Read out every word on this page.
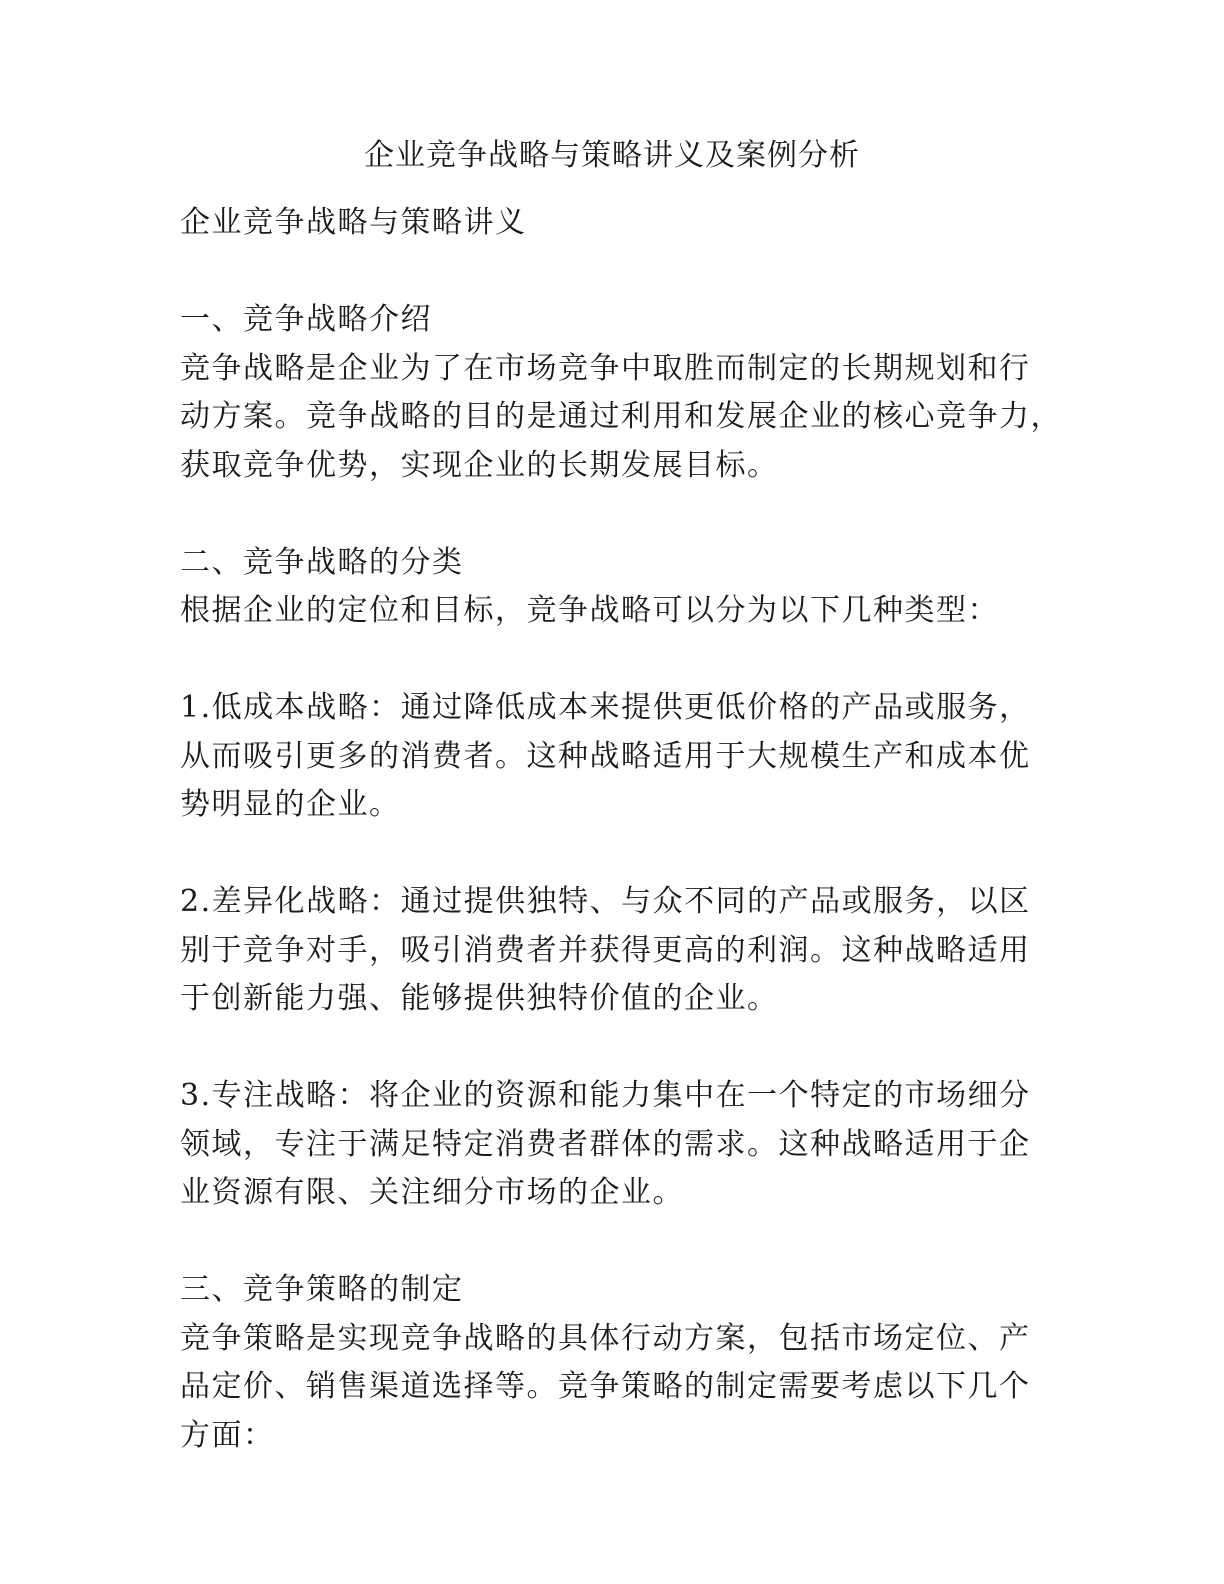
企业竞争战略与策略讲义及案例分析
企业竞争战略与策略讲义
一、竞争战略介绍
竞争战略是企业为了在市场竞争中取胜而制定的长期规划和行
动方案。竞争战略的目的是通过利用和发展企业的核心竞争力，
获取竞争优势，实现企业的长期发展目标。
二、竞争战略的分类
根据企业的定位和目标，竞争战略可以分为以下几种类型：
1.低成本战略：通过降低成本来提供更低价格的产品或服务，
从而吸引更多的消费者。这种战略适用于大规模生产和成本优
势明显的企业。
2.差异化战略：通过提供独特、与众不同的产品或服务，以区
别于竞争对手，吸引消费者并获得更高的利润。这种战略适用
于创新能力强、能够提供独特价值的企业。
3.专注战略：将企业的资源和能力集中在一个特定的市场细分
领域，专注于满足特定消费者群体的需求。这种战略适用于企
业资源有限、关注细分市场的企业。
三、竞争策略的制定
竞争策略是实现竞争战略的具体行动方案，包括市场定位、产
品定价、销售渠道选择等。竞争策略的制定需要考虑以下几个
方面：
